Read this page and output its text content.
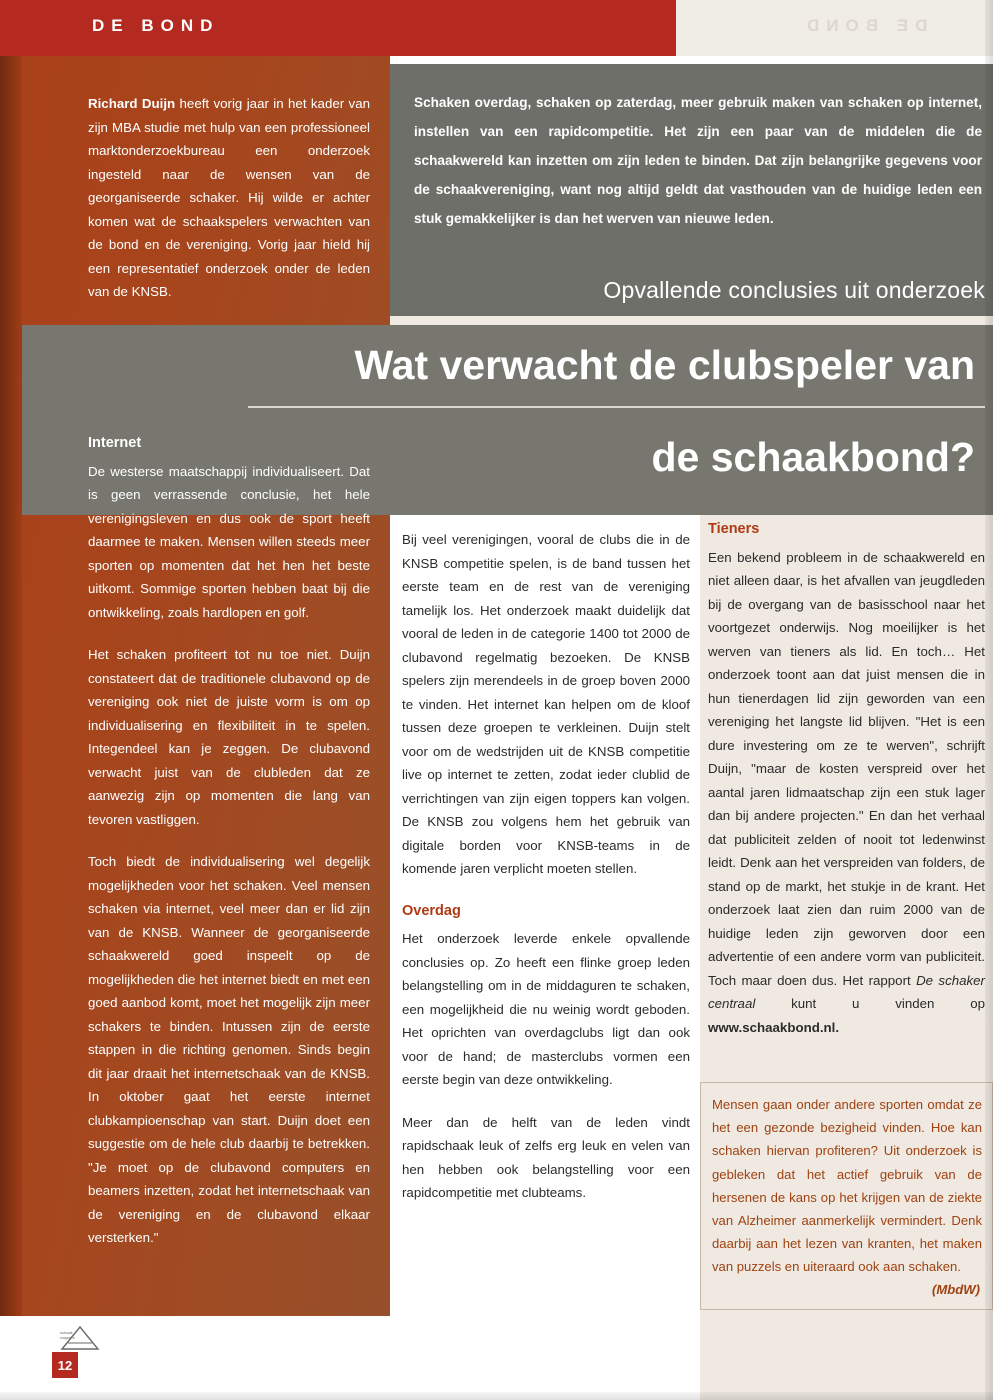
DE BOND	DE BOND
Richard Duijn heeft vorig jaar in het kader van zijn MBA studie met hulp van een professioneel marktonderzoekbureau een onderzoek ingesteld naar de wensen van de georganiseerde schaker. Hij wilde er achter komen wat de schaakspelers verwachten van de bond en de vereniging. Vorig jaar hield hij een representatief onderzoek onder de leden van de KNSB.
Schaken overdag, schaken op zaterdag, meer gebruik maken van schaken op internet, instellen van een rapidcompetitie. Het zijn een paar van de middelen die de schaakwereld kan inzetten om zijn leden te binden. Dat zijn belangrijke gegevens voor de schaakvereniging, want nog altijd geldt dat vasthouden van de huidige leden een stuk gemakkelijker is dan het werven van nieuwe leden.
Opvallende conclusies uit onderzoek
Wat verwacht de clubspeler van
de schaakbond?
Internet

De westerse maatschappij individualiseert. Dat is geen verrassende conclusie, het hele verenigingsleven en dus ook de sport heeft daarmee te maken. Mensen willen steeds meer sporten op momenten dat het hen het beste uitkomt. Sommige sporten hebben baat bij die ontwikkeling, zoals hardlopen en golf.

Het schaken profiteert tot nu toe niet. Duijn constateert dat de traditionele clubavond op de vereniging ook niet de juiste vorm is om op individualisering en flexibiliteit in te spelen. Integendeel kan je zeggen. De clubavond verwacht juist van de clubleden dat ze aanwezig zijn op momenten die lang van tevoren vastliggen.

Toch biedt de individualisering wel degelijk mogelijkheden voor het schaken. Veel mensen schaken via internet, veel meer dan er lid zijn van de KNSB. Wanneer de georganiseerde schaakwereld goed inspeelt op de mogelijkheden die het internet biedt en met een goed aanbod komt, moet het mogelijk zijn meer schakers te binden. Intussen zijn de eerste stappen in die richting genomen. Sinds begin dit jaar draait het internetschaak van de KNSB. In oktober gaat het eerste internet clubkampioenschap van start. Duijn doet een suggestie om de hele club daarbij te betrekken. "Je moet op de clubavond computers en beamers inzetten, zodat het internetschaak van de vereniging en de clubavond elkaar versterken."

Bij veel verenigingen, vooral de clubs die in de KNSB competitie spelen, is de band tussen het eerste team en de rest van de vereniging tamelijk los. Het onderzoek maakt duidelijk dat vooral de leden in de categorie 1400 tot 2000 de clubavond regelmatig bezoeken. De KNSB spelers zijn merendeels in de groep boven 2000 te vinden. Het internet kan helpen om de kloof tussen deze groepen te verkleinen. Duijn stelt voor om de wedstrijden uit de KNSB competitie live op internet te zetten, zodat ieder clublid de verrichtingen van zijn eigen toppers kan volgen. De KNSB zou volgens hem het gebruik van digitale borden voor KNSB-teams in de komende jaren verplicht moeten stellen.

Overdag

Het onderzoek leverde enkele opvallende conclusies op. Zo heeft een flinke groep leden belangstelling om in de middaguren te schaken, een mogelijkheid die nu weinig wordt geboden. Het oprichten van overdagclubs ligt dan ook voor de hand; de masterclubs vormen een eerste begin van deze ontwikkeling.

Meer dan de helft van de leden vindt rapidschaak leuk of zelfs erg leuk en velen van hen hebben ook belangstelling voor een rapidcompetitie met clubteams.

Tieners

Een bekend probleem in de schaakwereld en niet alleen daar, is het afvallen van jeugdleden bij de overgang van de basisschool naar het voortgezet onderwijs. Nog moeilijker is het werven van tieners als lid. En toch… Het onderzoek toont aan dat juist mensen die in hun tienerdagen lid zijn geworden van een vereniging het langste lid blijven. "Het is een dure investering om ze te werven", schrijft Duijn, "maar de kosten verspreid over het aantal jaren lidmaatschap zijn een stuk lager dan bij andere projecten." En dan het verhaal dat publiciteit zelden of nooit tot ledenwinst leidt. Denk aan het verspreiden van folders, de stand op de markt, het stukje in de krant. Het onderzoek laat zien dan ruim 2000 van de huidige leden zijn geworven door een advertentie of een andere vorm van publiciteit. Toch maar doen dus. Het rapport De schaker centraal kunt u vinden op www.schaakbond.nl.

Mensen gaan onder andere sporten omdat ze het een gezonde bezigheid vinden. Hoe kan schaken hiervan profiteren? Uit onderzoek is gebleken dat het actief gebruik van de hersenen de kans op het krijgen van de ziekte van Alzheimer aanmerkelijk vermindert. Denk daarbij aan het lezen van kranten, het maken van puzzels en uiteraard ook aan schaken.
(MbdW)
schaak
magazine
12
